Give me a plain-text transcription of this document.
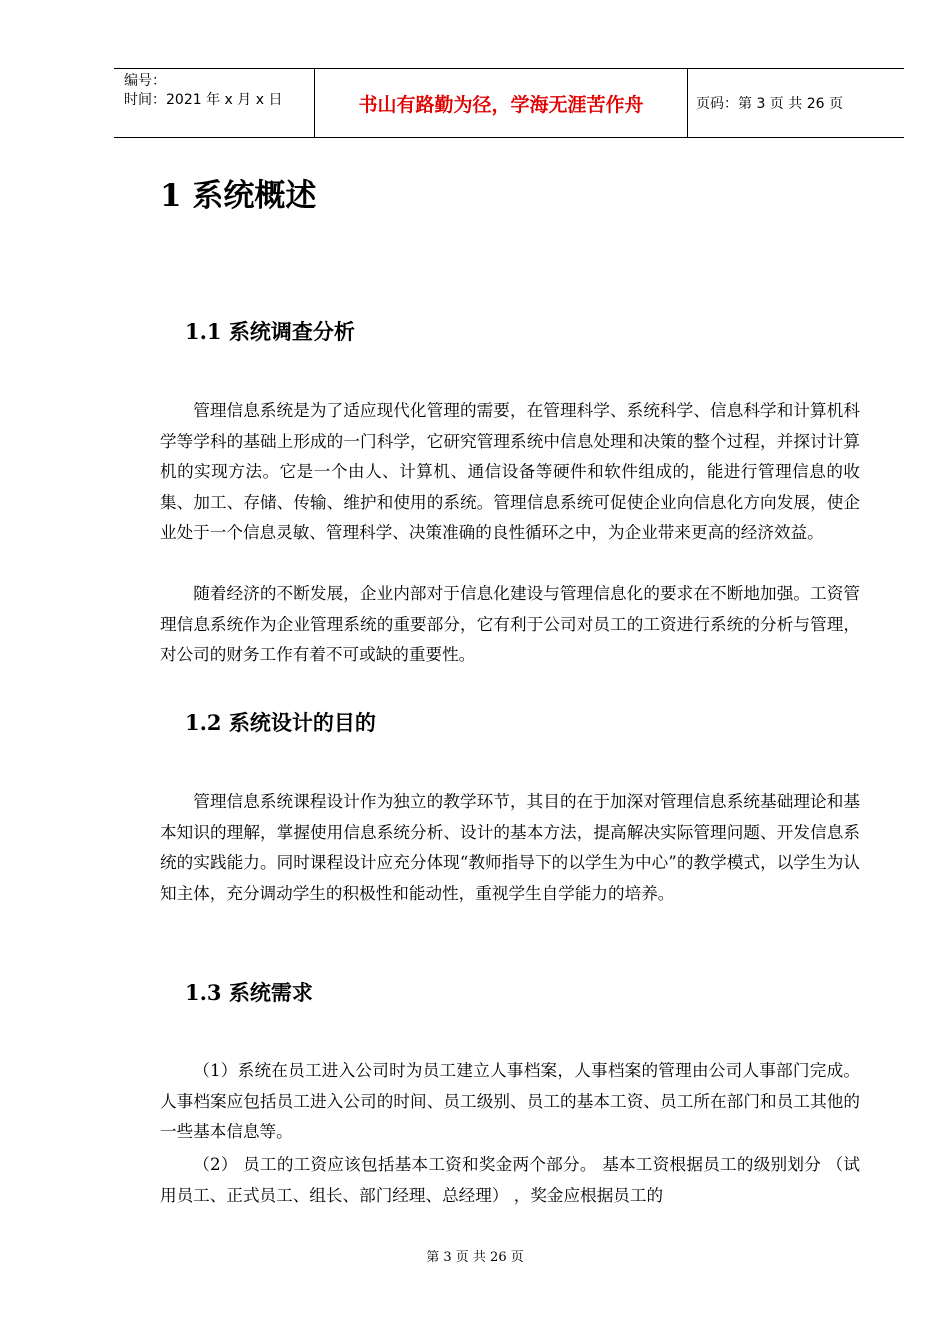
编号：
时间：2021 年 x 月 x 日	书山有路勤为径，学海无涯苦作舟	页码：第 3 页 共 26 页
1 系统概述
1.1 系统调查分析

管理信息系统是为了适应现代化管理的需要，在管理科学、系统科学、信息科学和计算机科学等学科的基础上形成的一门科学，它研究管理系统中信息处理和决策的整个过程，并探讨计算机的实现方法。它是一个由人、计算机、通信设备等硬件和软件组成的，能进行管理信息的收集、加工、存储、传输、维护和使用的系统。管理信息系统可促使企业向信息化方向发展，使企业处于一个信息灵敏、管理科学、决策准确的良性循环之中，为企业带来更高的经济效益。

随着经济的不断发展，企业内部对于信息化建设与管理信息化的要求在不断地加强。工资管理信息系统作为企业管理系统的重要部分，它有利于公司对员工的工资进行系统的分析与管理，对公司的财务工作有着不可或缺的重要性。

1.2 系统设计的目的

管理信息系统课程设计作为独立的教学环节，其目的在于加深对管理信息系统基础理论和基本知识的理解，掌握使用信息系统分析、设计的基本方法，提高解决实际管理问题、开发信息系统的实践能力。同时课程设计应充分体现“教师指导下的以学生为中心”的教学模式，以学生为认知主体，充分调动学生的积极性和能动性，重视学生自学能力的培养。

1.3 系统需求

（1）系统在员工进入公司时为员工建立人事档案，人事档案的管理由公司人事部门完成。人事档案应包括员工进入公司的时间、员工级别、员工的基本工资、员工所在部门和员工其他的一些基本信息等。

（2） 员工的工资应该包括基本工资和奖金两个部分。 基本工资根据员工的级别划分 （试用员工、正式员工、组长、部门经理、总经理） ，奖金应根据员工的

第 3 页 共 26 页
